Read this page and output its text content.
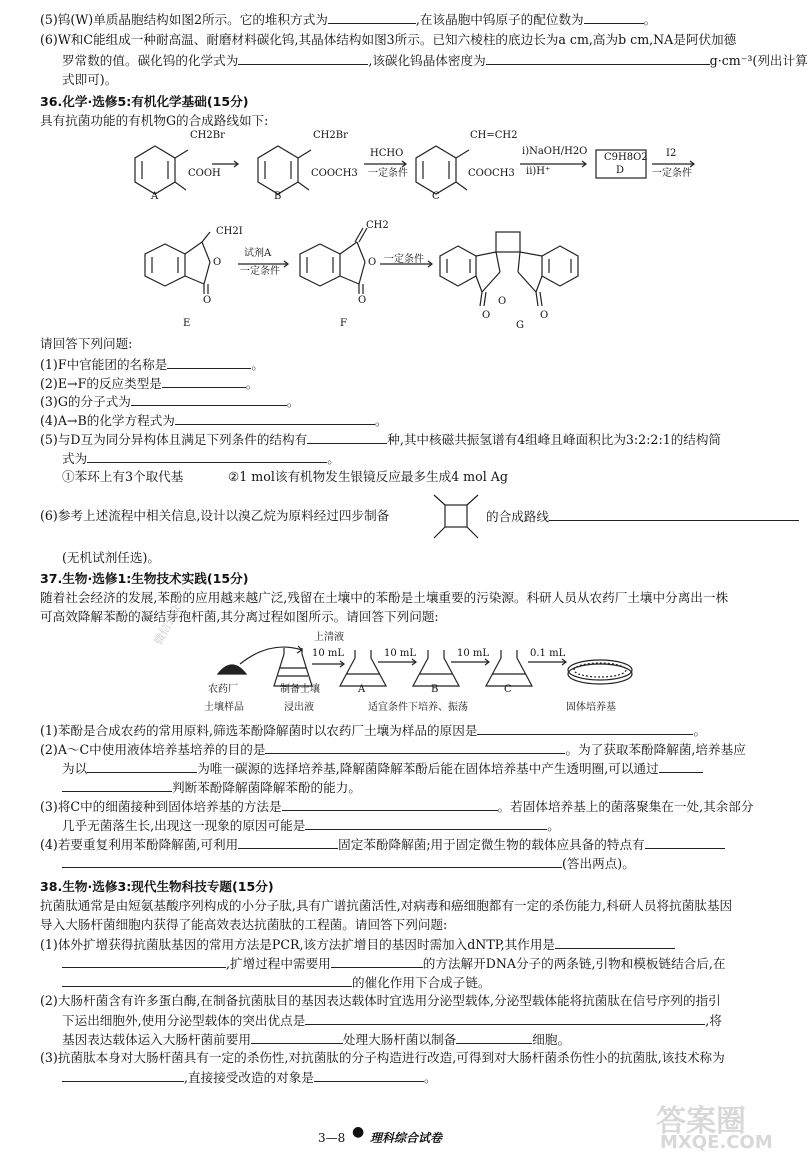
(5)钨(W)单质晶胞结构如图2所示。它的堆积方式为	,在该晶胞中钨原子的配位数为	。
(6)W和C能组成一种耐高温、耐磨材料碳化钨,其晶体结构如图3所示。已知六棱柱的底边长为a cm,高为b cm,NA是阿伏加德
罗常数的值。碳化钨的化学式为	,该碳化钨晶体密度为	g·cm⁻³(列出计算
式即可)。
36.化学·选修5:有机化学基础(15分)
具有抗菌功能的有机物G的合成路线如下:
CH2Br
COOH
A
CH2Br
COOCH3
B
HCHO
一定条件
CH=CH2
COOCH3
C
i)NaOH/H2O
ii)H⁺
C9H8O2
D
I2
一定条件
CH2I
O
O
E
试剂A
一定条件
CH2
O
O
F
一定条件
O
O	O
G
请回答下列问题:
(1)F中官能团的名称是	。
(2)E→F的反应类型是	。
(3)G的分子式为	。
(4)A→B的化学方程式为	。
(5)与D互为同分异构体且满足下列条件的结构有	种,其中核磁共振氢谱有4组峰且峰面积比为3:2:2:1的结构简
式为	。
①苯环上有3个取代基	②1 mol该有机物发生银镜反应最多生成4 mol Ag
(6)参考上述流程中相关信息,设计以溴乙烷为原料经过四步制备	的合成路线
(无机试剂任选)。
37.生物·选修1:生物技术实践(15分)
随着社会经济的发展,苯酚的应用越来越广泛,残留在土壤中的苯酚是土壤重要的污染源。科研人员从农药厂土壤中分离出一株
可高效降解苯酚的凝结芽孢杆菌,其分离过程如图所示。请回答下列问题:
上清液
10 mL	10 mL	10 mL	0.1 mL
农药厂
土壤样品
制备土壤
浸出液
A	B	C
适宜条件下培养、振荡	固体培养基
(1)苯酚是合成农药的常用原料,筛选苯酚降解菌时以农药厂土壤为样品的原因是	。
(2)A～C中使用液体培养基培养的目的是	。为了获取苯酚降解菌,培养基应
为以	为唯一碳源的选择培养基,降解菌降解苯酚后能在固体培养基中产生透明圈,可以通过
判断苯酚降解菌降解苯酚的能力。
(3)将C中的细菌接种到固体培养基的方法是	。若固体培养基上的菌落聚集在一处,其余部分
几乎无菌落生长,出现这一现象的原因可能是	。
(4)若要重复利用苯酚降解菌,可利用	固定苯酚降解菌;用于固定微生物的载体应具备的特点有
(答出两点)。
38.生物·选修3:现代生物科技专题(15分)
抗菌肽通常是由短氨基酸序列构成的小分子肽,具有广谱抗菌活性,对病毒和癌细胞都有一定的杀伤能力,科研人员将抗菌肽基因
导入大肠杆菌细胞内获得了能高效表达抗菌肽的工程菌。请回答下列问题:
(1)体外扩增获得抗菌肽基因的常用方法是PCR,该方法扩增目的基因时需加入dNTP,其作用是
,扩增过程中需要用	的方法解开DNA分子的两条链,引物和模板链结合后,在
的催化作用下合成子链。
(2)大肠杆菌含有许多蛋白酶,在制备抗菌肽目的基因表达载体时宜选用分泌型载体,分泌型载体能将抗菌肽在信号序列的指引
下运出细胞外,使用分泌型载体的突出优点是	,将
基因表达载体运入大肠杆菌前要用	处理大肠杆菌以制备	细胞。
(3)抗菌肽本身对大肠杆菌具有一定的杀伤性,对抗菌肽的分子构造进行改造,可得到对大肠杆菌杀伤性小的抗菌肽,该技术称为
,直接接受改造的对象是	。
3—8 ● 理科综合试卷
微信公众号《
答案圈
MXQE.COM
